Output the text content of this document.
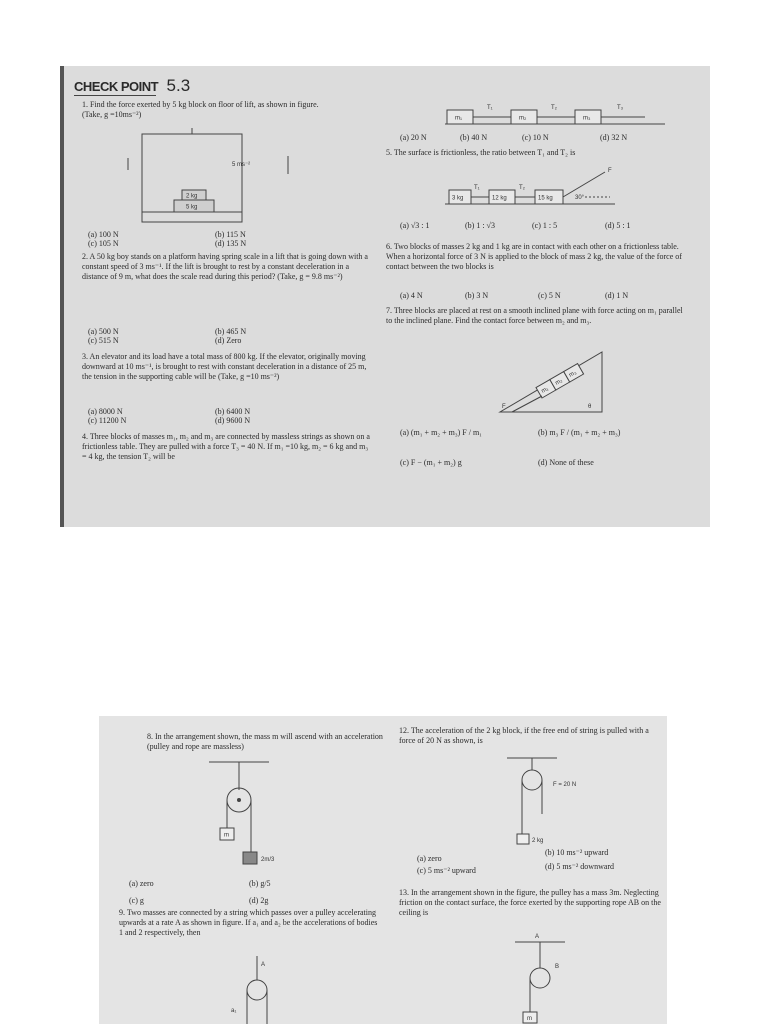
CHECK POINT 5.3
1. Find the force exerted by 5 kg block on floor of lift, as shown in figure. (Take, g =10ms⁻²)
5 ms⁻²
2 kg
5 kg
(a) 100 N	(b) 115 N
(c) 105 N	(d) 135 N
2. A 50 kg boy stands on a platform having spring scale in a lift that is going down with a constant speed of 3 ms⁻¹. If the lift is brought to rest by a constant deceleration in a distance of 9 m, what does the scale read during this period? (Take, g = 9.8 ms⁻²)
(a) 500 N	(b) 465 N
(c) 515 N	(d) Zero
3. An elevator and its load have a total mass of 800 kg. If the elevator, originally moving downward at 10 ms⁻¹, is brought to rest with constant deceleration in a distance of 25 m, the tension in the supporting cable will be (Take, g =10 ms⁻²)
(a) 8000 N	(b) 6400 N
(c) 11200 N	(d) 9600 N
4. Three blocks of masses m₁, m₂ and m₃ are connected by massless strings as shown on a frictionless table. They are pulled with a force T₃ = 40 N. If m₁ =10 kg, m₂ = 6 kg and m₃ = 4 kg, the tension T₂ will be
m₁
T₁
m₂
T₂
m₃
T₃
(a) 20 N	(b) 40 N	(c) 10 N	(d) 32 N
5. The surface is frictionless, the ratio between T₁ and T₂ is
3 kg
T₁
12 kg
T₂
15 kg
F
30°
(a) √3 : 1	(b) 1 : √3	(c) 1 : 5	(d) 5 : 1
6. Two blocks of masses 2 kg and 1 kg are in contact with each other on a frictionless table. When a horizontal force of 3 N is applied to the block of mass 2 kg, the value of the force of contact between the two blocks is
(a) 4 N	(b) 3 N	(c) 5 N	(d) 1 N
7. Three blocks are placed at rest on a smooth inclined plane with force acting on m₁ parallel to the inclined plane. Find the contact force between m₂ and m₃.
m₁
m₂
m₃
F	θ
(a) (m₁ + m₂ + m₃) F / m₁	(b) m₃ F / (m₁ + m₂ + m₃)
(c) F − (m₁ + m₂) g	(d) None of these
8. In the arrangement shown, the mass m will ascend with an acceleration (pulley and rope are massless)
m
2m/3
(a) zero	(b) g/5
(c) g	(d) 2g
9. Two masses are connected by a string which passes over a pulley accelerating upwards at a rate A as shown in figure. If a₁ and a₂ be the accelerations of bodies 1 and 2 respectively, then
A
a₁
12. The acceleration of the 2 kg block, if the free end of string is pulled with a force of 20 N as shown, is
F = 20 N
2 kg
(a) zero
(b) 10 ms⁻² upward
(c) 5 ms⁻² upward	(d) 5 ms⁻² downward
13. In the arrangement shown in the figure, the pulley has a mass 3m. Neglecting friction on the contact surface, the force exerted by the supporting rope AB on the ceiling is
A
B
m
